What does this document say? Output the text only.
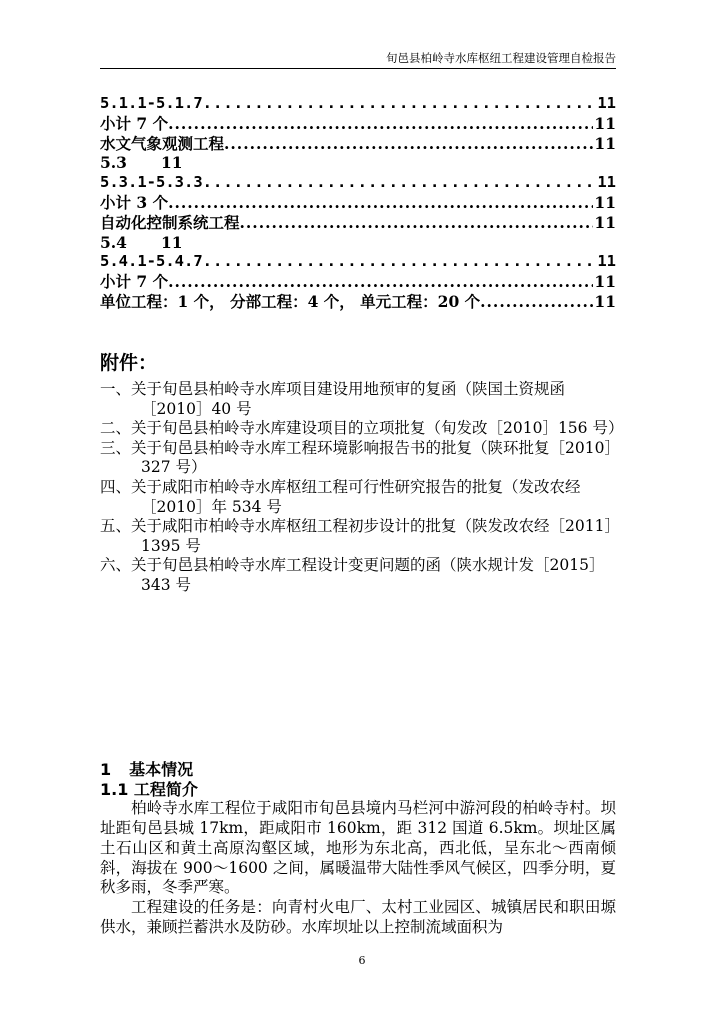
旬邑县柏岭寺水库枢纽工程建设管理自检报告
5.1.1-5.1.7. .....	11
小计 7 个. .....	11
水文气象观测工程. .....	11
5.3 11
5.3.1-5.3.3. .....	11
小计 3 个. .....	11
自动化控制系统工程. .....	11
5.4 11
5.4.1-5.4.7. .....	11
小计 7 个. .....	11
单位工程：1 个， 分部工程：4 个， 单元工程：20 个. .....	11
附件：

一、关于旬邑县柏岭寺水库项目建设用地预审的复函（陕国土资规函［2010］40 号

二、关于旬邑县柏岭寺水库建设项目的立项批复（旬发改［2010］156 号）

三、关于旬邑县柏岭寺水库工程环境影响报告书的批复（陕环批复［2010］327 号）

四、关于咸阳市柏岭寺水库枢纽工程可行性研究报告的批复（发改农经［2010］年 534 号

五、关于咸阳市柏岭寺水库枢纽工程初步设计的批复（陕发改农经［2011］1395 号

六、关于旬邑县柏岭寺水库工程设计变更问题的函（陕水规计发［2015］343 号

1 基本情况
1.1 工程简介

柏岭寺水库工程位于咸阳市旬邑县境内马栏河中游河段的柏岭寺村。坝址距旬邑县城 17km，距咸阳市 160km，距 312 国道 6.5km。坝址区属土石山区和黄土高原沟壑区域，地形为东北高，西北低，呈东北～西南倾斜，海拔在 900～1600 之间，属暖温带大陆性季风气候区，四季分明，夏秋多雨，冬季严寒。

工程建设的任务是：向青村火电厂、太村工业园区、城镇居民和职田塬供水，兼顾拦蓄洪水及防砂。水库坝址以上控制流域面积为

6
